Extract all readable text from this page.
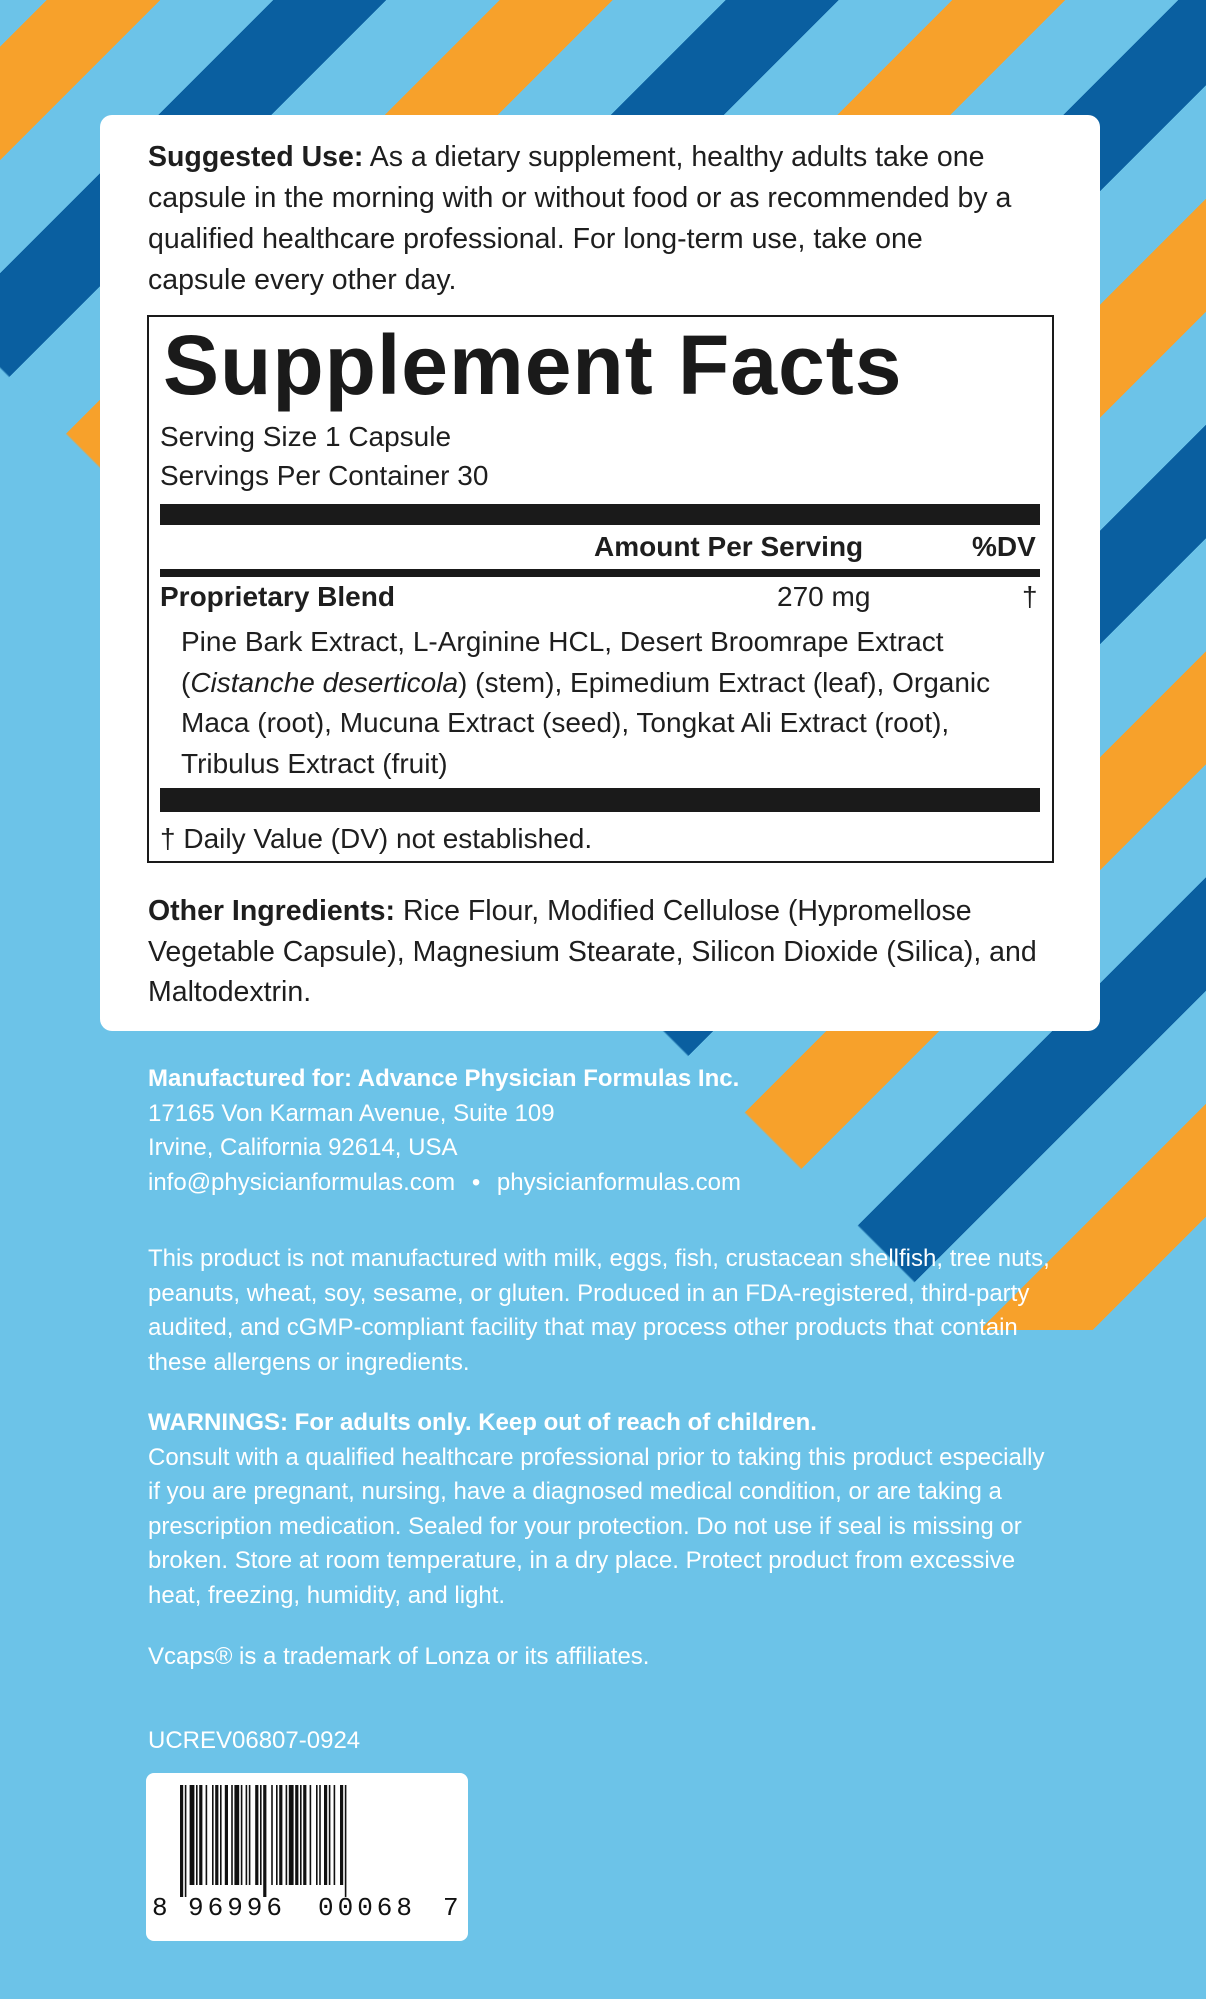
Suggested Use: As a dietary supplement, healthy adults take one capsule in the morning with or without food or as recommended by a qualified healthcare professional. For long-term use, take one capsule every other day.
Supplement Facts
Serving Size 1 Capsule
Servings Per Container 30
Amount Per Serving	%DV
Proprietary Blend	270 mg	†
Pine Bark Extract, L-Arginine HCL, Desert Broomrape Extract (Cistanche deserticola) (stem), Epimedium Extract (leaf), Organic Maca (root), Mucuna Extract (seed), Tongkat Ali Extract (root), Tribulus Extract (fruit)
† Daily Value (DV) not established.
Other Ingredients: Rice Flour, Modified Cellulose (Hypromellose Vegetable Capsule), Magnesium Stearate, Silicon Dioxide (Silica), and Maltodextrin.
Manufactured for: Advance Physician Formulas Inc.
17165 Von Karman Avenue, Suite 109
Irvine, California 92614, USA
info@physicianformulas.com • physicianformulas.com
This product is not manufactured with milk, eggs, fish, crustacean shellfish, tree nuts, peanuts, wheat, soy, sesame, or gluten. Produced in an FDA-registered, third-party audited, and cGMP-compliant facility that may process other products that contain these allergens or ingredients.
WARNINGS: For adults only. Keep out of reach of children.
Consult with a qualified healthcare professional prior to taking this product especially if you are pregnant, nursing, have a diagnosed medical condition, or are taking a prescription medication. Sealed for your protection. Do not use if seal is missing or broken. Store at room temperature, in a dry place. Protect product from excessive heat, freezing, humidity, and light.
Vcaps® is a trademark of Lonza or its affiliates.
UCREV06807-0924
8 96996 00068 7
